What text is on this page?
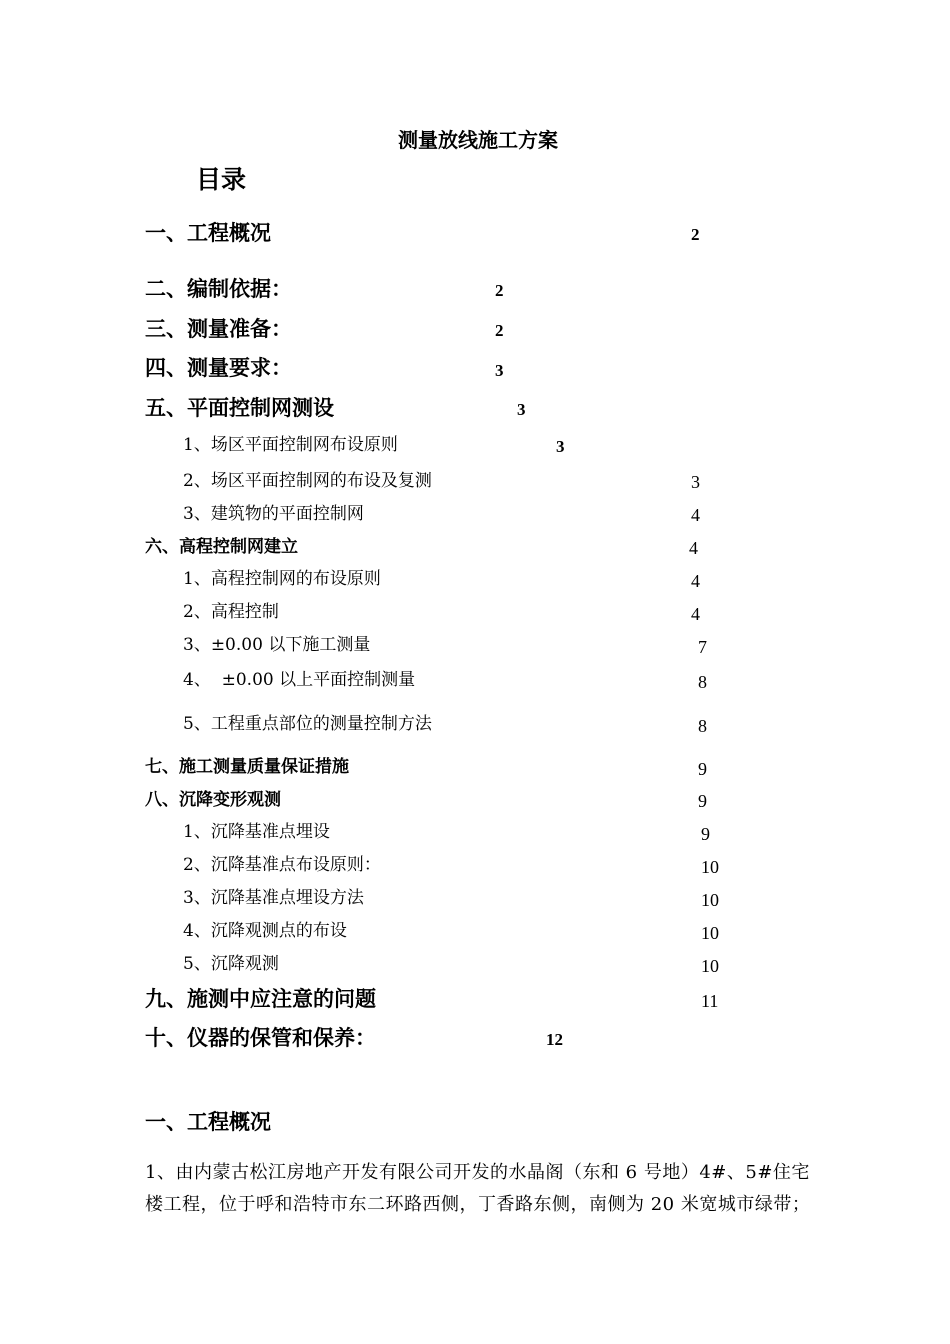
测量放线施工方案
目录
一、工程概况	2
二、编制依据：	2
三、测量准备：	2
四、测量要求：	3
五、平面控制网测设	3
1、场区平面控制网布设原则	3
2、场区平面控制网的布设及复测	3
3、建筑物的平面控制网	4
六、高程控制网建立	4
1、高程控制网的布设原则	4
2、高程控制	4
3、±0.00 以下施工测量	7
4、  ±0.00 以上平面控制测量	8
5、工程重点部位的测量控制方法	8
七、施工测量质量保证措施	9
八、沉降变形观测	9
1、沉降基准点埋设	9
2、沉降基准点布设原则：	10
3、沉降基准点埋设方法	10
4、沉降观测点的布设	10
5、沉降观测	10
九、施测中应注意的问题	11
十、仪器的保管和保养：	12
一、工程概况
1、由内蒙古松江房地产开发有限公司开发的水晶阁（东和 6 号地）4#、5#住宅
楼工程，位于呼和浩特市东二环路西侧，丁香路东侧，南侧为 20 米宽城市绿带；
